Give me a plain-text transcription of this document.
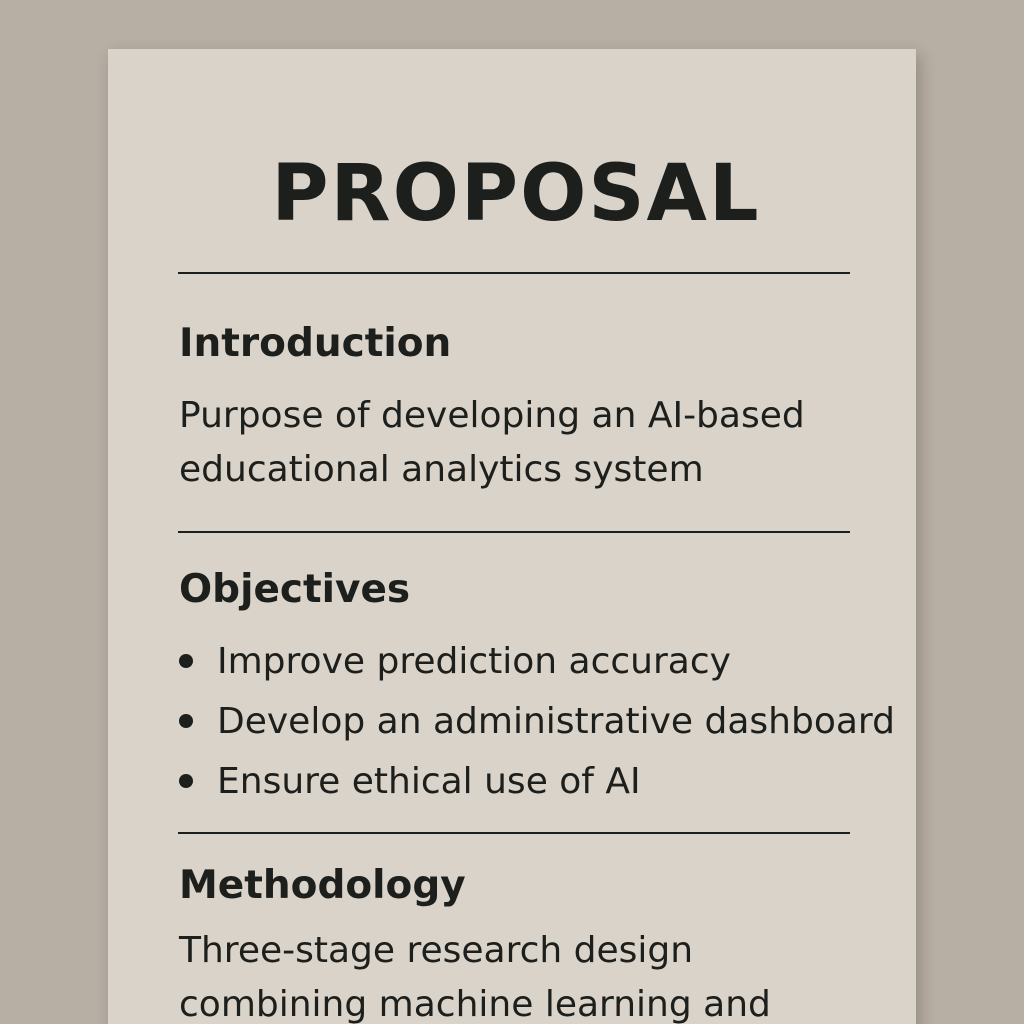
PROPOSAL
Introduction
Purpose of developing an AI-based
educational analytics system
Objectives
Improve prediction accuracy
Develop an administrative dashboard
Ensure ethical use of AI
Methodology
Three-stage research design
combining machine learning and
